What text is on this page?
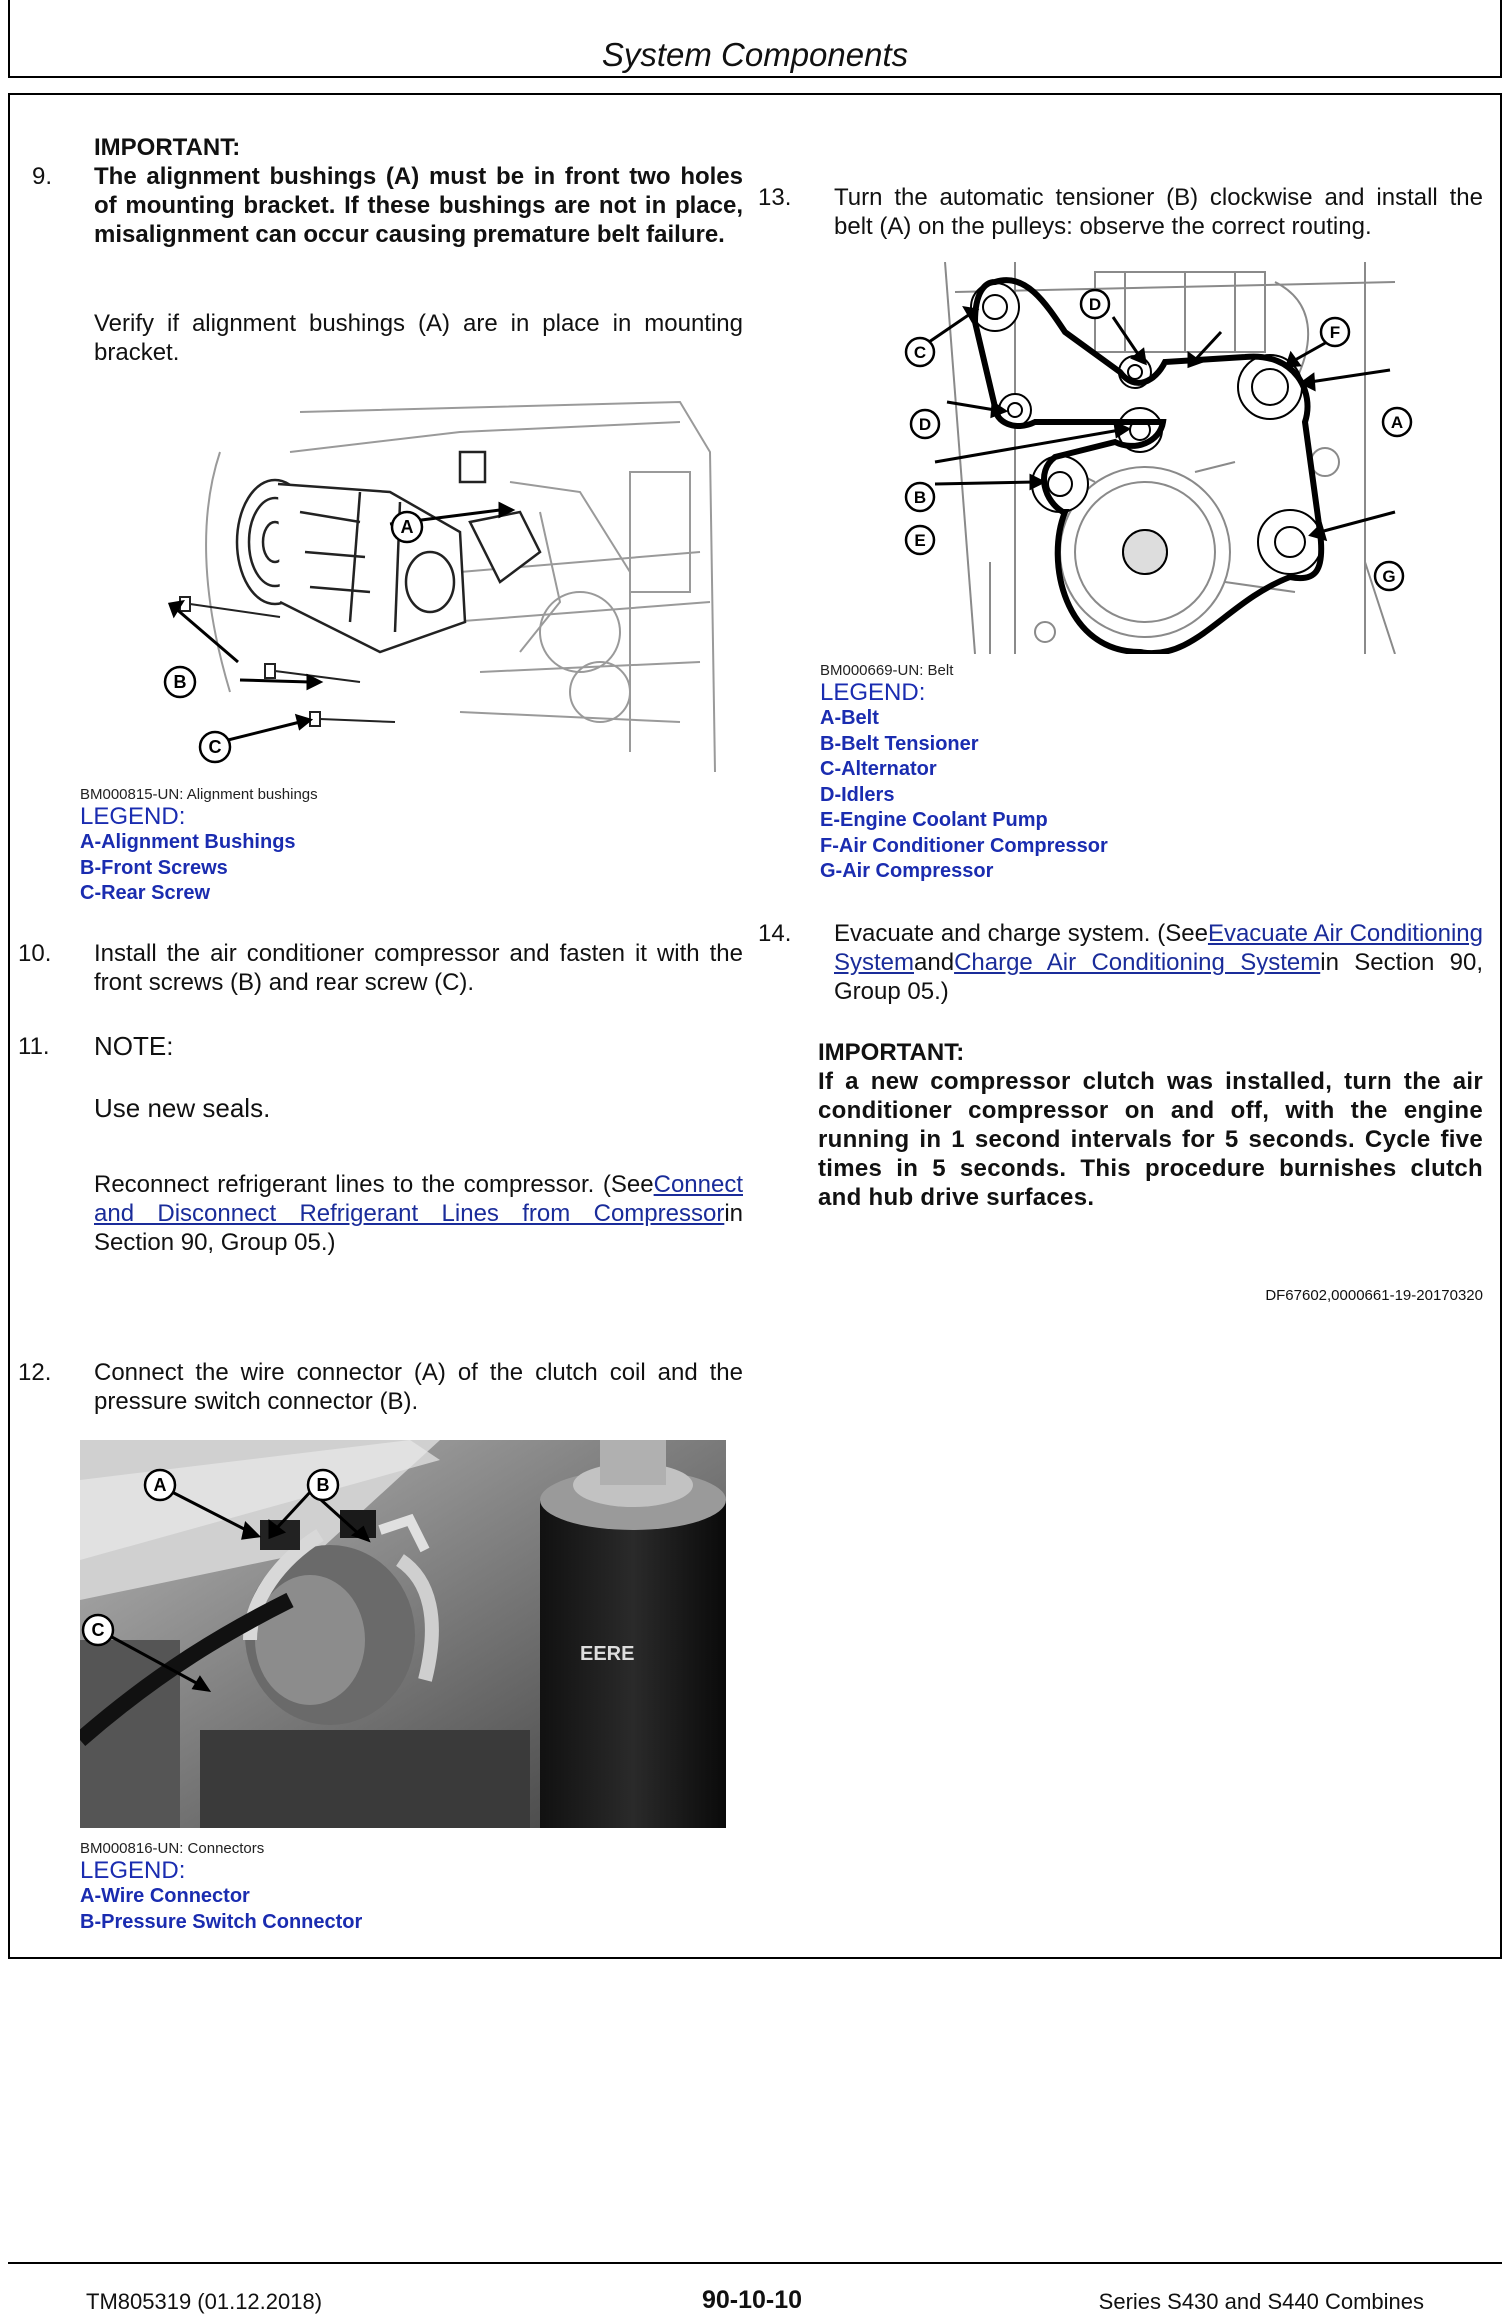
System Components
9.
IMPORTANT:
The alignment bushings (A) must be in front two holes of mounting bracket. If these bushings are not in place, misalignment can occur causing premature belt failure.
Verify if alignment bushings (A) are in place in mounting bracket.
A
B
C
BM000815-UN: Alignment bushings
LEGEND:
A-Alignment Bushings
B-Front Screws
C-Rear Screw
10. Install the air conditioner compressor and fasten it with the front screws (B) and rear screw (C).
11. NOTE:
Use new seals.
Reconnect refrigerant lines to the compressor. (SeeConnect and Disconnect Refrigerant Lines from Compressorin Section 90, Group 05.)
12. Connect the wire connector (A) of the clutch coil and the pressure switch connector (B).
EERE
A	B
C
BM000816-UN: Connectors
LEGEND:
A-Wire Connector
B-Pressure Switch Connector
13. Turn the automatic tensioner (B) clockwise and install the belt (A) on the pulleys: observe the correct routing.
C
D
D
F
A
B
E
G
BM000669-UN: Belt
LEGEND:
A-Belt
B-Belt Tensioner
C-Alternator
D-Idlers
E-Engine Coolant Pump
F-Air Conditioner Compressor
G-Air Compressor
14. Evacuate and charge system. (SeeEvacuate Air Conditioning SystemandCharge Air Conditioning Systemin Section 90, Group 05.)
IMPORTANT:
If a new compressor clutch was installed, turn the air conditioner compressor on and off, with the engine running in 1 second intervals for 5 seconds. Cycle five times in 5 seconds. This procedure burnishes clutch and hub drive surfaces.
DF67602,0000661-19-20170320
TM805319 (01.12.2018)	90-10-10	Series S430 and S440 Combines
